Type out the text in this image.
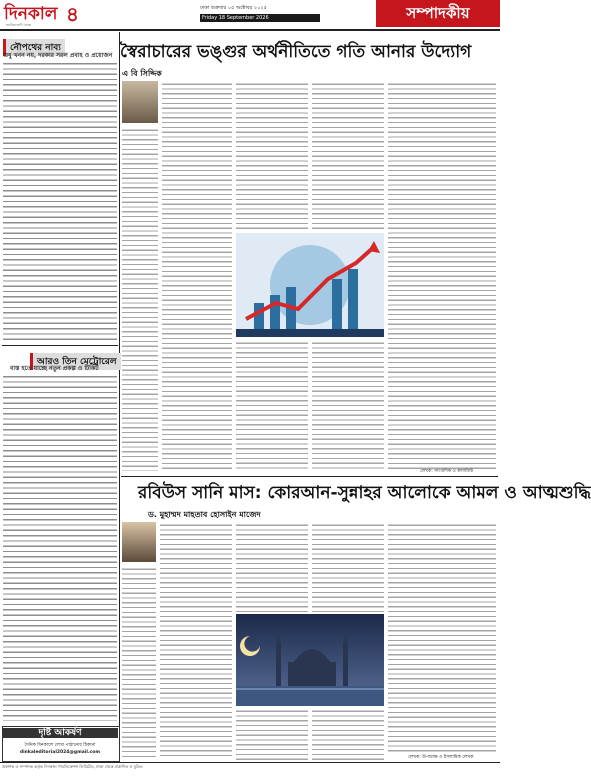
দিনকাল
জাতীয়তাবাদী দৈনিক ৪	ঢাকা শুক্রবার ০৫ অক্টোবর ২০২৫
Friday 18 September 2026	সম্পাদকীয়
নৌপথের নাব্য
শুধু খনন নয়, দরকার সরল প্রবাহ ও প্রয়োজন
আরও তিন মেট্রোরেল
বাস্ত হতে যাচ্ছে নতুন প্রকল্প ও টিকিট
দৃষ্টি আকর্ষণ
দৈনিক দিনকালে লেখা পাঠানোর ঠিকানা
dinkaleditorial2024@gmail.com
স্বৈরাচারের ভঙ্গুর অর্থনীতিতে গতি আনার উদ্যোগ
এ বি সিদ্দিক
লেখক: সাংবাদিক ও কলামিস্ট
রবিউস সানি মাস: কোরআন-সুন্নাহর আলোকে আমল ও আত্মশুদ্ধি
ড. মুহাম্মদ মাহতাব হোসাইন মাজেদ
লেখক: উপাধ্যক্ষ ও ইসলামিক লেখক
প্রকাশক ও সম্পাদক কর্তৃক দিনকাল পাবলিকেশন্স লিমিটেড, ঢাকা থেকে প্রকাশিত ও মুদ্রিত
